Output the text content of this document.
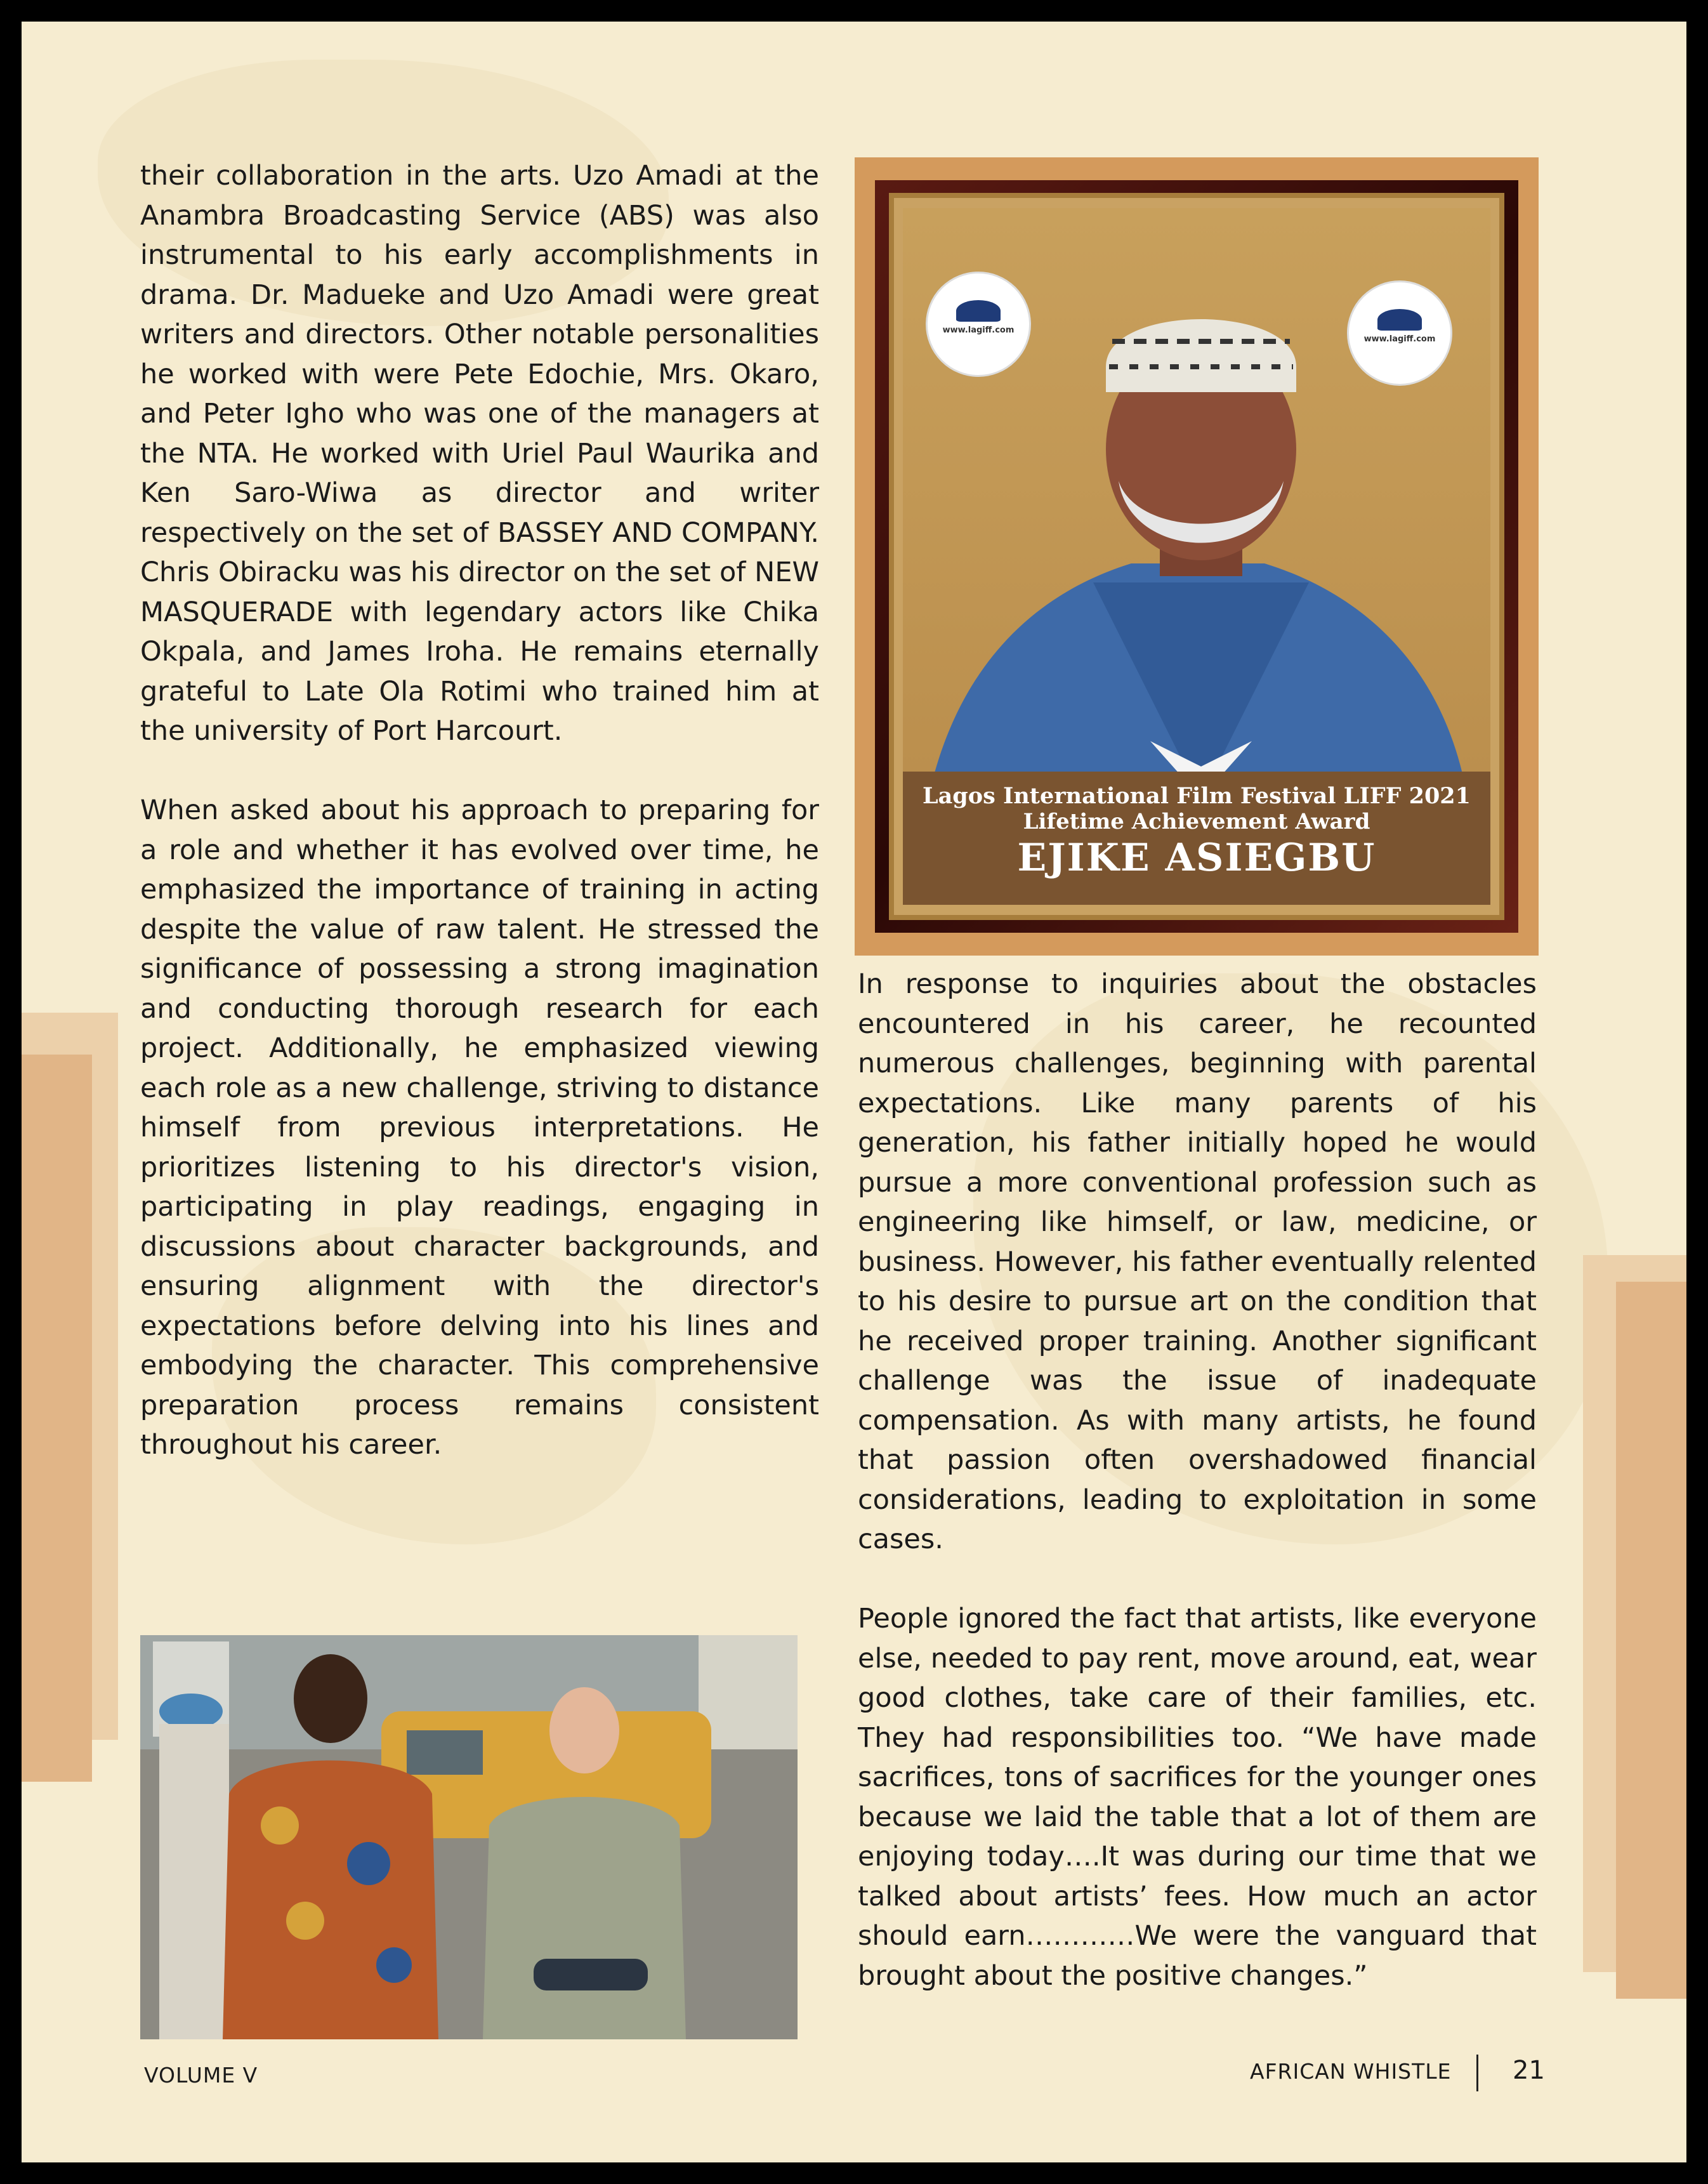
their collaboration in the arts. Uzo Amadi at the Anambra Broadcasting Service (ABS) was also instrumental to his early accomplishments in drama. Dr. Madueke and Uzo Amadi were great writers and directors. Other notable personalities he worked with were Pete Edochie, Mrs. Okaro, and Peter Igho who was one of the managers at the NTA. He worked with Uriel Paul Waurika and Ken Saro-Wiwa as director and writer respectively on the set of BASSEY AND COMPANY. Chris Obiracku was his director on the set of NEW MASQUERADE with legendary actors like Chika Okpala, and James Iroha. He remains eternally grateful to Late Ola Rotimi who trained him at the university of Port Harcourt.

When asked about his approach to preparing for a role and whether it has evolved over time, he emphasized the importance of training in acting despite the value of raw talent. He stressed the significance of possessing a strong imagination and conducting thorough research for each project. Additionally, he emphasized viewing each role as a new challenge, striving to distance himself from previous interpretations. He prioritizes listening to his director's vision, participating in play readings, engaging in discussions about character backgrounds, and ensuring alignment with the director's expectations before delving into his lines and embodying the character. This comprehensive preparation process remains consistent throughout his career.

www.lagiff.com
www.lagiff.com
Lagos International Film Festival LIFF 2021
Lifetime Achievement Award
EJIKE ASIEGBU

In response to inquiries about the obstacles encountered in his career, he recounted numerous challenges, beginning with parental expectations. Like many parents of his generation, his father initially hoped he would pursue a more conventional profession such as engineering like himself, or law, medicine, or business. However, his father eventually relented to his desire to pursue art on the condition that he received proper training. Another significant challenge was the issue of inadequate compensation. As with many artists, he found that passion often overshadowed financial considerations, leading to exploitation in some cases.

People ignored the fact that artists, like everyone else, needed to pay rent, move around, eat, wear good clothes, take care of their families, etc. They had responsibilities too. “We have made sacrifices, tons of sacrifices for the younger ones because we laid the table that a lot of them are enjoying today….It was during our time that we talked about artists’ fees. How much an actor should earn…………We were the vanguard that brought about the positive changes.”

VOLUME V	AFRICAN WHISTLE 21
